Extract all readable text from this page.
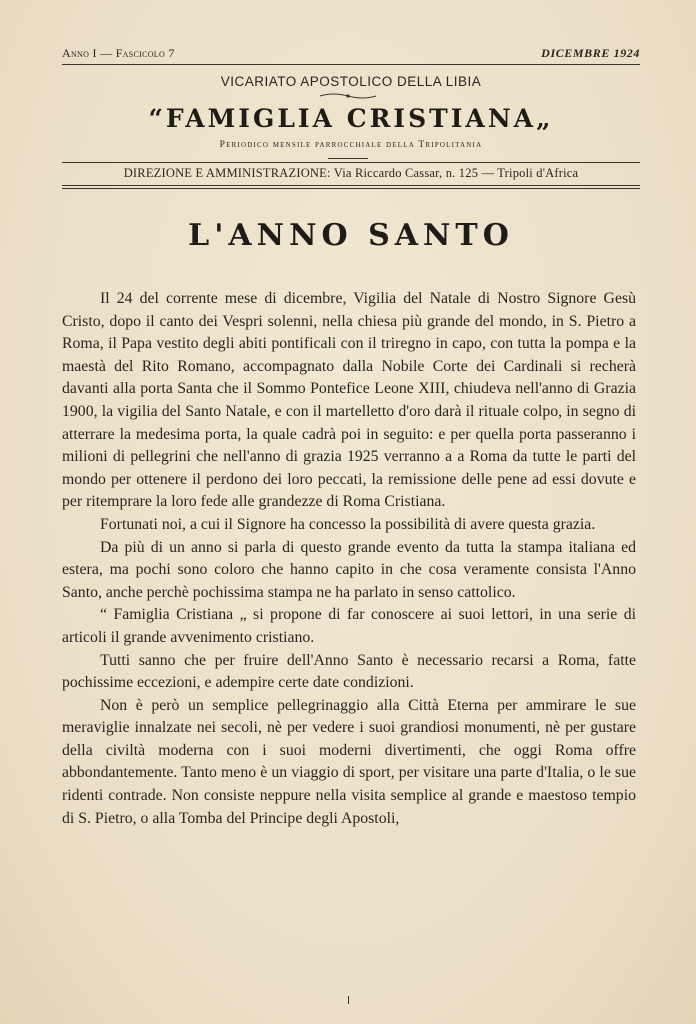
Anno I — Fascicolo 7	DICEMBRE 1924
VICARIATO APOSTOLICO DELLA LIBIA
“FAMIGLIA CRISTIANA„
Periodico mensile parrocchiale della Tripolitania
DIREZIONE E AMMINISTRAZIONE: Via Riccardo Cassar, n. 125 — Tripoli d'Africa
L'ANNO SANTO

Il 24 del corrente mese di dicembre, Vigilia del Natale di Nostro Signore Gesù Cristo, dopo il canto dei Vespri solenni, nella chiesa più grande del mondo, in S. Pietro a Roma, il Papa vestito degli abiti pontificali con il triregno in capo, con tutta la pompa e la maestà del Rito Romano, accompagnato dalla Nobile Corte dei Cardinali si recherà davanti alla porta Santa che il Sommo Pontefice Leone XIII, chiudeva nell'anno di Grazia 1900, la vigilia del Santo Natale, e con il martelletto d'oro darà il rituale colpo, in segno di atterrare la medesima porta, la quale cadrà poi in seguito: e per quella porta passeranno i milioni di pellegrini che nell'anno di grazia 1925 verranno a a Roma da tutte le parti del mondo per ottenere il perdono dei loro peccati, la remissione delle pene ad essi dovute e per ritemprare la loro fede alle grandezze di Roma Cristiana.

Fortunati noi, a cui il Signore ha concesso la possibilità di avere questa grazia.

Da più di un anno si parla di questo grande evento da tutta la stampa italiana ed estera, ma pochi sono coloro che hanno capito in che cosa veramente consista l'Anno Santo, anche perchè pochissima stampa ne ha parlato in senso cattolico.

“ Famiglia Cristiana „ si propone di far conoscere ai suoi lettori, in una serie di articoli il grande avvenimento cristiano.

Tutti sanno che per fruire dell'Anno Santo è necessario recarsi a Roma, fatte pochissime eccezioni, e adempire certe date condizioni.

Non è però un semplice pellegrinaggio alla Città Eterna per ammirare le sue meraviglie innalzate nei secoli, nè per vedere i suoi grandiosi monumenti, nè per gustare della civiltà moderna con i suoi moderni divertimenti, che oggi Roma offre abbondantemente. Tanto meno è un viaggio di sport, per visitare una parte d'Italia, o le sue ridenti contrade. Non consiste neppure nella visita semplice al grande e maestoso tempio di S. Pietro, o alla Tomba del Principe degli Apostoli,
